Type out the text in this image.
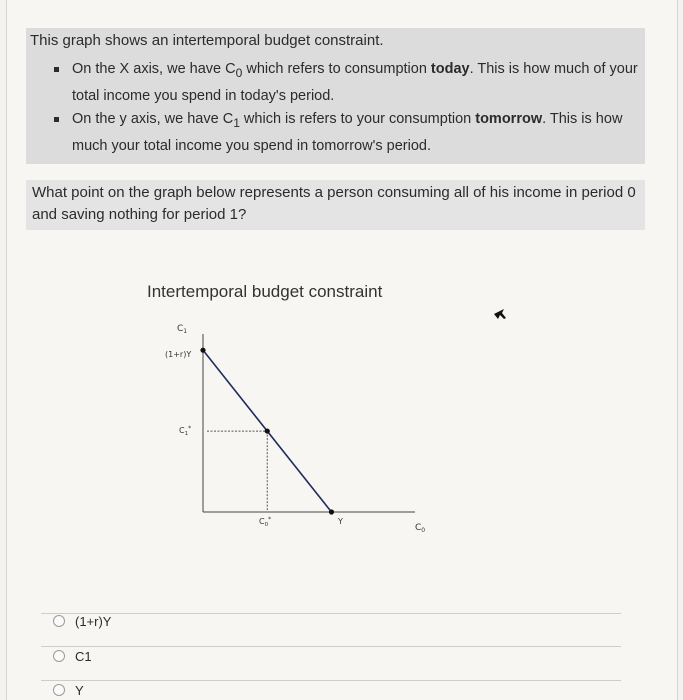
This graph shows an intertemporal budget constraint.

On the X axis, we have $C_0$ which refers to consumption today. This is how much of your total income you spend in today's period.
On the y axis, we have $C_1$ which is refers to your consumption tomorrow. This is how much your total income you spend in tomorrow's period.
What point on the graph below represents a person consuming all of his income in period 0 and saving nothing for period 1?
Intertemporal budget constraint
$C_1$
$C_0$
(1+r)Y
$C_1^*$
$C_0^*$	Y
(1+r)Y
C1
Y
